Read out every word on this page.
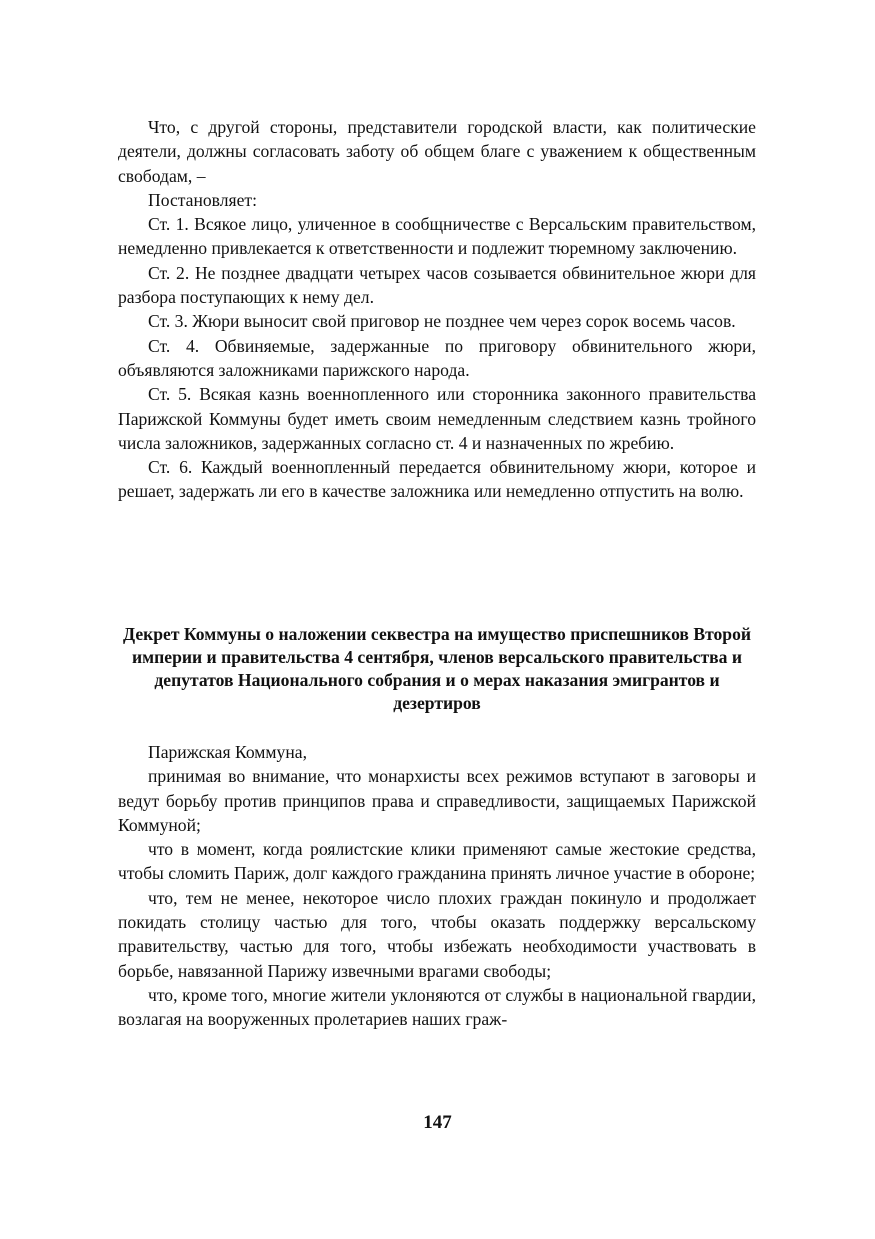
Что, с другой стороны, представители городской власти, как политические деятели, должны согласовать заботу об общем благе с уважением к общественным свободам, –

Постановляет:

Ст. 1. Всякое лицо, уличенное в сообщничестве с Версальским правительством, немедленно привлекается к ответственности и подлежит тюремному заключению.

Ст. 2. Не позднее двадцати четырех часов созывается обвинительное жюри для разбора поступающих к нему дел.

Ст. 3. Жюри выносит свой приговор не позднее чем через сорок восемь часов.

Ст. 4. Обвиняемые, задержанные по приговору обвинительного жюри, объявляются заложниками парижского народа.

Ст. 5. Всякая казнь военнопленного или сторонника законного правительства Парижской Коммуны будет иметь своим немедленным следствием казнь тройного числа заложников, задержанных согласно ст. 4 и назначенных по жребию.

Ст. 6. Каждый военнопленный передается обвинительному жюри, которое и решает, задержать ли его в качестве заложника или немедленно отпустить на волю.

Декрет Коммуны о наложении секвестра на имущество приспешников Второй империи и правительства 4 сентября, членов версальского правительства и депутатов Национального собрания и о мерах наказания эмигрантов и дезертиров

Парижская Коммуна,

принимая во внимание, что монархисты всех режимов вступают в заговоры и ведут борьбу против принципов права и справедливости, защищаемых Парижской Коммуной;

что в момент, когда роялистские клики применяют самые жестокие средства, чтобы сломить Париж, долг каждого гражданина принять личное участие в обороне;

что, тем не менее, некоторое число плохих граждан покинуло и продолжает покидать столицу частью для того, чтобы оказать поддержку версальскому правительству, частью для того, чтобы избежать необходимости участвовать в борьбе, навязанной Парижу извечными врагами свободы;

что, кроме того, многие жители уклоняются от службы в национальной гвардии, возлагая на вооруженных пролетариев наших граж-

147
